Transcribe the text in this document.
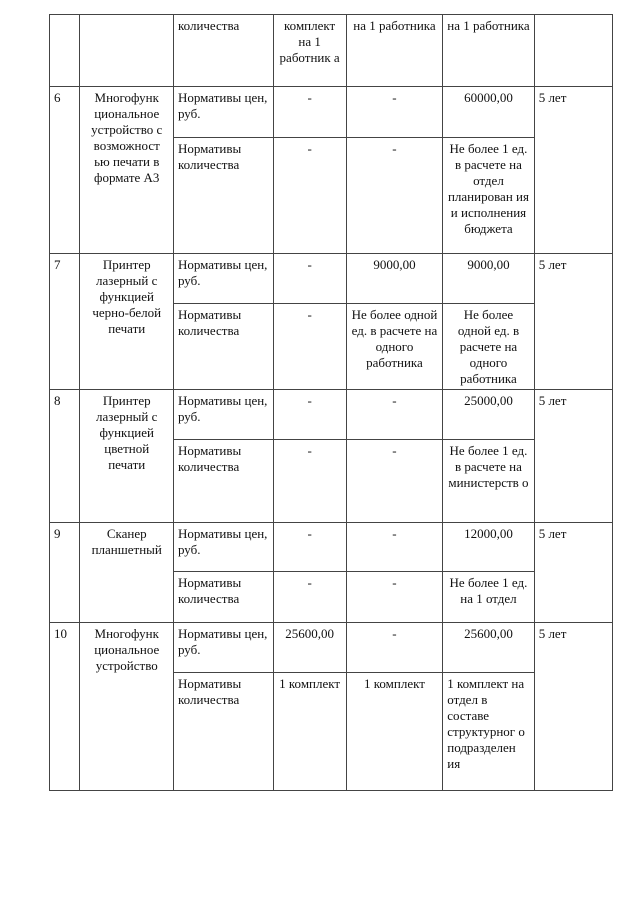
		количества	комплект на 1 работник а	на 1 работника	на 1 работника	
6	Многофунк циональное устройство с возможност ью печати в формате А3	Нормативы цен, руб.	-	-	60000,00	5 лет
		Нормативы количества	-	-	Не более 1 ед. в расчете на отдел планирован ия и исполнения бюджета	
7	Принтер лазерный с функцией черно-белой печати	Нормативы цен, руб.	-	9000,00	9000,00	5 лет
		Нормативы количества	-	Не более одной ед. в расчете на одного работника	Не более одной ед. в расчете на одного работника	
8	Принтер лазерный с функцией цветной печати	Нормативы цен, руб.	-	-	25000,00	5 лет
		Нормативы количества	-	-	Не более 1 ед. в расчете на министерств о	
9	Сканер планшетный	Нормативы цен, руб.	-	-	12000,00	5 лет
		Нормативы количества	-	-	Не более 1 ед. на 1 отдел	
10	Многофунк циональное устройство	Нормативы цен, руб.	25600,00	-	25600,00	5 лет
		Нормативы количества	1 комплект	1 комплект	1 комплект на отдел в составе структурног о подразделен ия	
